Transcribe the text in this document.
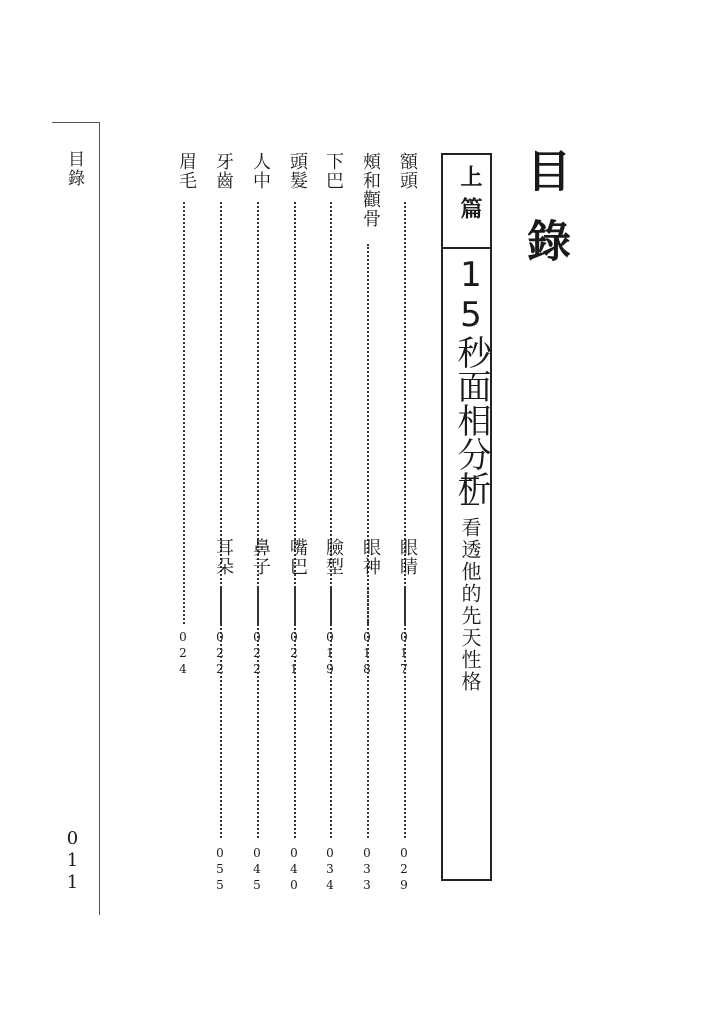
目錄
011
目錄
上篇
15秒面相分析
——看透他的先天性格
額頭
017
頰和顴骨
018
下巴
019
頭髮
021
人中
022
牙齒
022
眉毛
024
眼睛
029
眼神
033
臉型
034
嘴巴
040
鼻子
045
耳朵
055
